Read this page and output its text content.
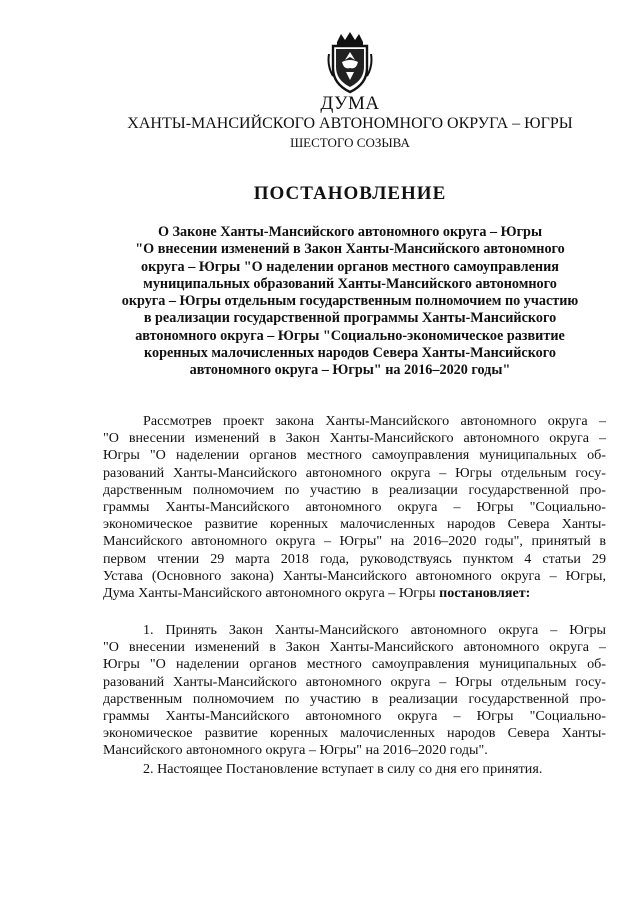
ДУМА
ХАНТЫ-МАНСИЙСКОГО АВТОНОМНОГО ОКРУГА – ЮГРЫ
ШЕСТОГО СОЗЫВА
ПОСТАНОВЛЕНИЕ
О Законе Ханты-Мансийского автономного округа – Югры
"О внесении изменений в Закон Ханты-Мансийского автономного
округа – Югры "О наделении органов местного самоуправления
муниципальных образований Ханты-Мансийского автономного
округа – Югры отдельным государственным полномочием по участию
в реализации государственной программы Ханты-Мансийского
автономного округа – Югры "Социально-экономическое развитие
коренных малочисленных народов Севера Ханты-Мансийского
автономного округа – Югры" на 2016–2020 годы"
Рассмотрев проект закона Ханты-Мансийского автономного округа –
"О внесении изменений в Закон Ханты-Мансийского автономного округа –
Югры "О наделении органов местного самоуправления муниципальных об-
разований Ханты-Мансийского автономного округа – Югры отдельным госу-
дарственным полномочием по участию в реализации государственной про-
граммы Ханты-Мансийского автономного округа – Югры "Социально-
экономическое развитие коренных малочисленных народов Севера Ханты-
Мансийского автономного округа – Югры" на 2016–2020 годы", принятый в
первом чтении 29 марта 2018 года, руководствуясь пунктом 4 статьи 29
Устава (Основного закона) Ханты-Мансийского автономного округа – Югры,
Дума Ханты-Мансийского автономного округа – Югры постановляет:
1. Принять Закон Ханты-Мансийского автономного округа – Югры
"О внесении изменений в Закон Ханты-Мансийского автономного округа –
Югры "О наделении органов местного самоуправления муниципальных об-
разований Ханты-Мансийского автономного округа – Югры отдельным госу-
дарственным полномочием по участию в реализации государственной про-
граммы Ханты-Мансийского автономного округа – Югры "Социально-
экономическое развитие коренных малочисленных народов Севера Ханты-
Мансийского автономного округа – Югры" на 2016–2020 годы".
2. Настоящее Постановление вступает в силу со дня его принятия.
